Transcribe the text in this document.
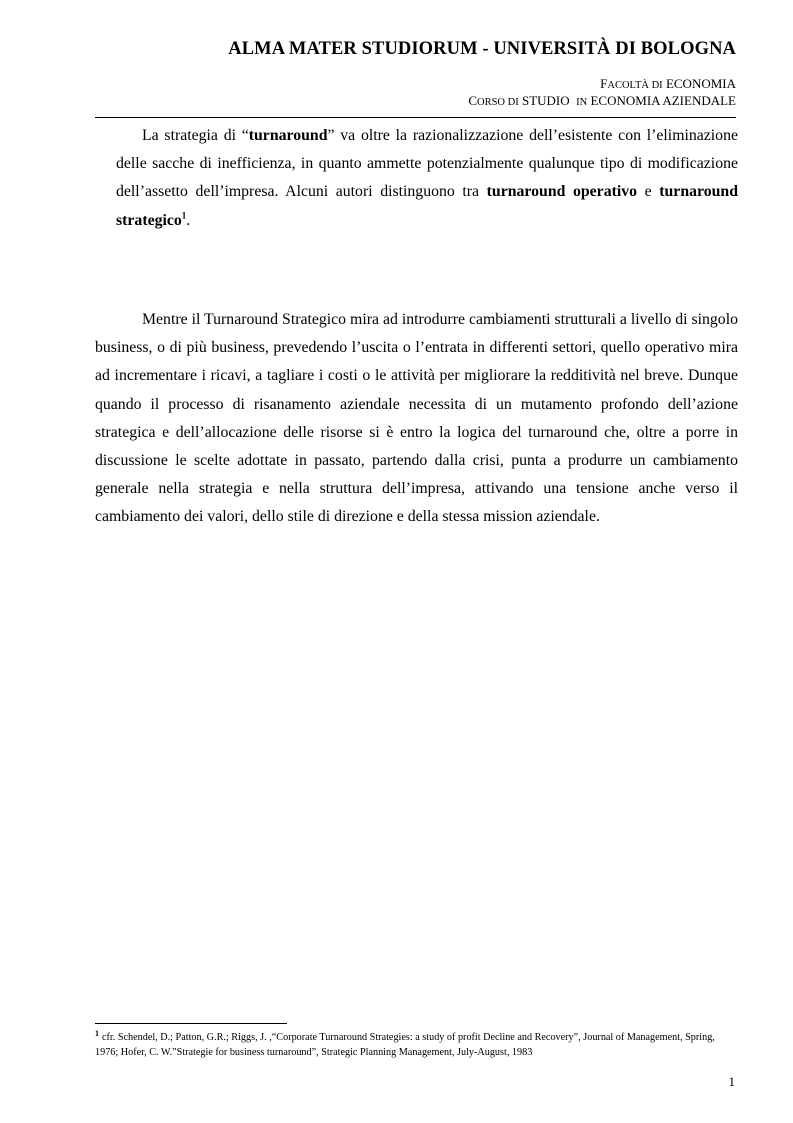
ALMA MATER STUDIORUM - UNIVERSITÀ DI BOLOGNA
FACOLTÀ DI ECONOMIA
CORSO DI STUDIO IN ECONOMIA AZIENDALE

La strategia di “turnaround” va oltre la razionalizzazione dell’esistente con l’eliminazione delle sacche di inefficienza, in quanto ammette potenzialmente qualunque tipo di modificazione dell’assetto dell’impresa. Alcuni autori distinguono tra turnaround operativo e turnaround strategico$^1$.

Mentre il Turnaround Strategico mira ad introdurre cambiamenti strutturali a livello di singolo business, o di più business, prevedendo l’uscita o l’entrata in differenti settori, quello operativo mira ad incrementare i ricavi, a tagliare i costi o le attività per migliorare la redditività nel breve. Dunque quando il processo di risanamento aziendale necessita di un mutamento profondo dell’azione strategica e dell’allocazione delle risorse si è entro la logica del turnaround che, oltre a porre in discussione le scelte adottate in passato, partendo dalla crisi, punta a produrre un cambiamento generale nella strategia e nella struttura dell’impresa, attivando una tensione anche verso il cambiamento dei valori, dello stile di direzione e della stessa mission aziendale.

$^1$ cfr. Schendel, D.; Patton, G.R.; Riggs, J. ,“Corporate Turnaround Strategies: a study of profit Decline and Recovery”, Journal of Management, Spring, 1976; Hofer, C. W.”Strategie for business turnaround”, Strategic Planning Management, July-August, 1983
1
